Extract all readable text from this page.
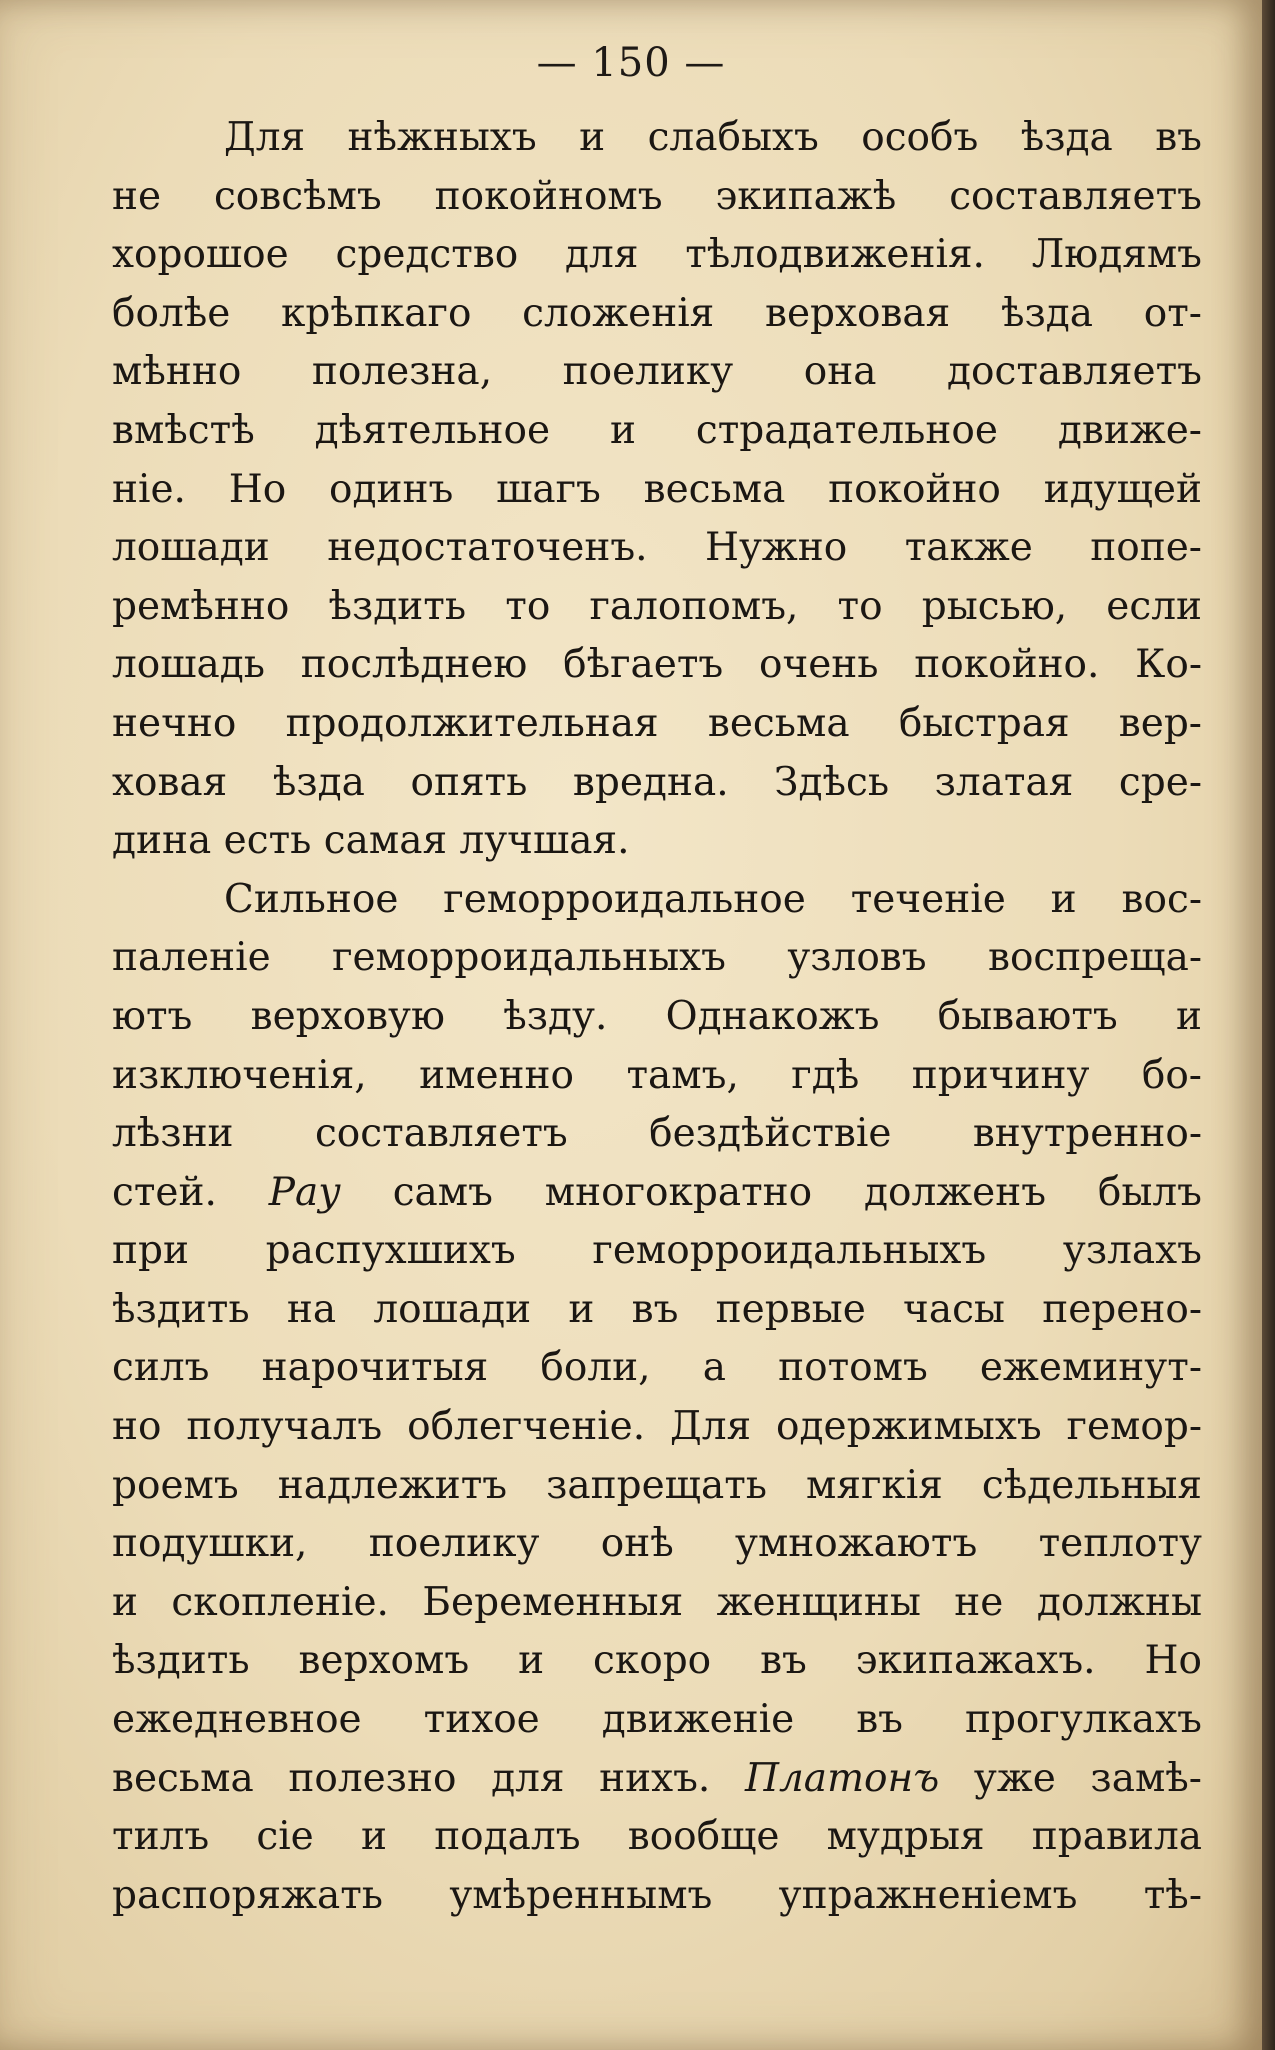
— 150 —
Для нѣжныхъ и слабыхъ особъ ѣзда въ
не совсѣмъ покойномъ экипажѣ составляетъ
хорошое средство для тѣлодвиженія. Людямъ
болѣе крѣпкаго сложенія верховая ѣзда от-
мѣнно полезна, поелику она доставляетъ
вмѣстѣ дѣятельное и страдательное движе-
ніе. Но одинъ шагъ весьма покойно идущей
лошади недостаточенъ. Нужно также попе-
ремѣнно ѣздить то галопомъ, то рысью, если
лошадь послѣднею бѣгаетъ очень покойно. Ко-
нечно продолжительная весьма быстрая вер-
ховая ѣзда опять вредна. Здѣсь златая сре-
дина есть самая лучшая.
Сильное геморроидальное теченіе и вос-
паленіе геморроидальныхъ узловъ воспреща-
ютъ верховую ѣзду. Однакожъ бываютъ и
изключенія, именно тамъ, гдѣ причину бо-
лѣзни составляетъ бездѣйствіе внутренно-
стей. Рау самъ многократно долженъ былъ
при распухшихъ геморроидальныхъ узлахъ
ѣздить на лошади и въ первые часы перено-
силъ нарочитыя боли, а потомъ ежеминут-
но получалъ облегченіе. Для одержимыхъ гемор-
роемъ надлежитъ запрещать мягкія сѣдельныя
подушки, поелику онѣ умножаютъ теплоту
и скопленіе. Беременныя женщины не должны
ѣздить верхомъ и скоро въ экипажахъ. Но
ежедневное тихое движеніе въ прогулкахъ
весьма полезно для нихъ. Платонъ уже замѣ-
тилъ сіе и подалъ вообще мудрыя правила
распоряжать умѣреннымъ упражненіемъ тѣ-
